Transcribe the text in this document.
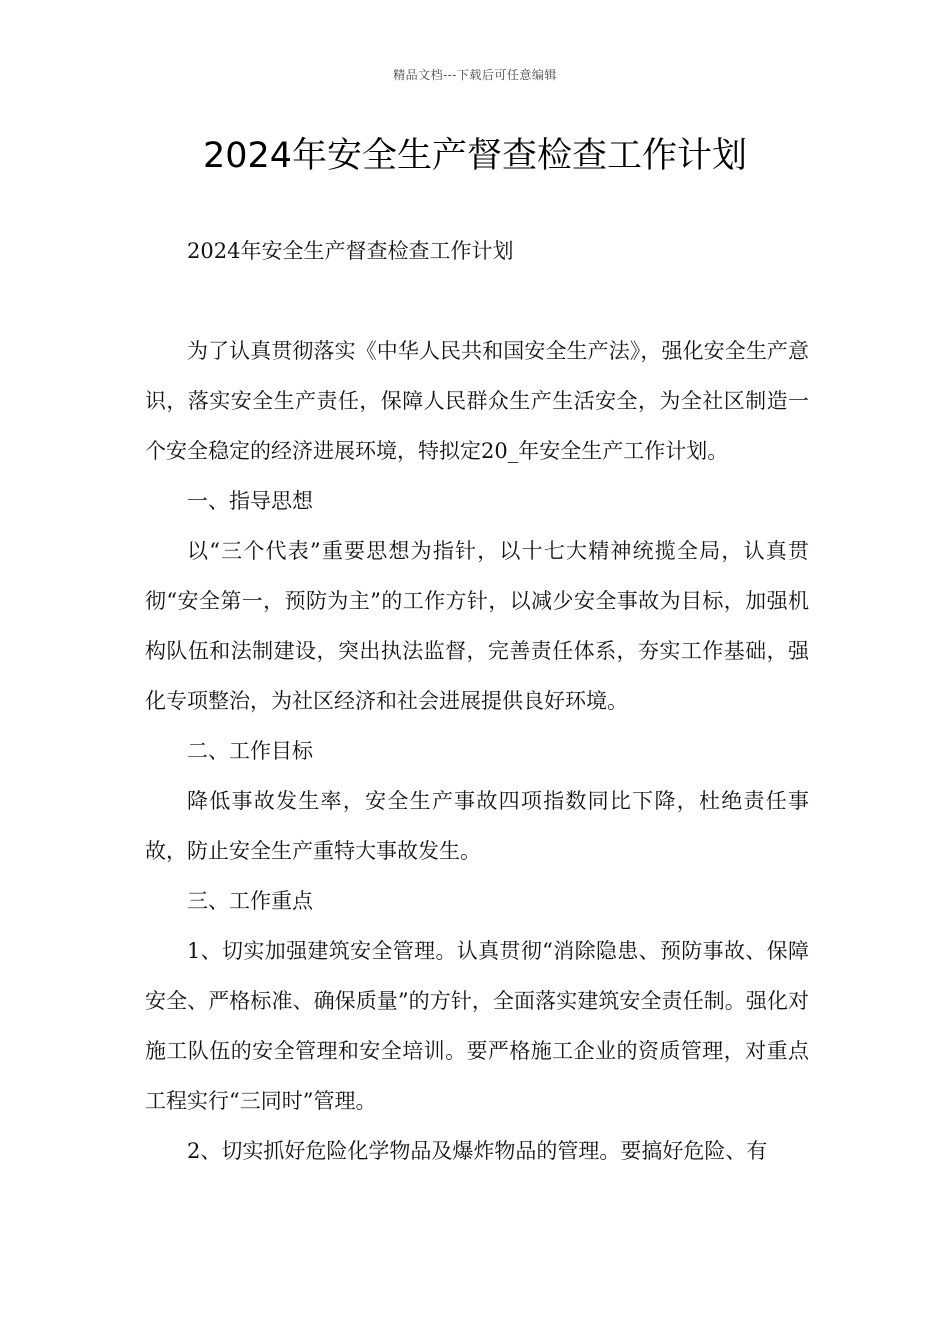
精品文档---下载后可任意编辑
2024年安全生产督查检查工作计划

2024年安全生产督查检查工作计划

为了认真贯彻落实《中华人民共和国安全生产法》，强化安全生产意识，落实安全生产责任，保障人民群众生产生活安全，为全社区制造一个安全稳定的经济进展环境，特拟定20_年安全生产工作计划。

一、指导思想

以“三个代表”重要思想为指针，以十七大精神统揽全局，认真贯彻“安全第一，预防为主”的工作方针，以减少安全事故为目标，加强机构队伍和法制建设，突出执法监督，完善责任体系，夯实工作基础，强化专项整治，为社区经济和社会进展提供良好环境。

二、工作目标

降低事故发生率，安全生产事故四项指数同比下降，杜绝责任事故，防止安全生产重特大事故发生。

三、工作重点

1、切实加强建筑安全管理。认真贯彻“消除隐患、预防事故、保障安全、严格标准、确保质量”的方针，全面落实建筑安全责任制。强化对施工队伍的安全管理和安全培训。要严格施工企业的资质管理，对重点工程实行“三同时”管理。

2、切实抓好危险化学物品及爆炸物品的管理。要搞好危险、有
